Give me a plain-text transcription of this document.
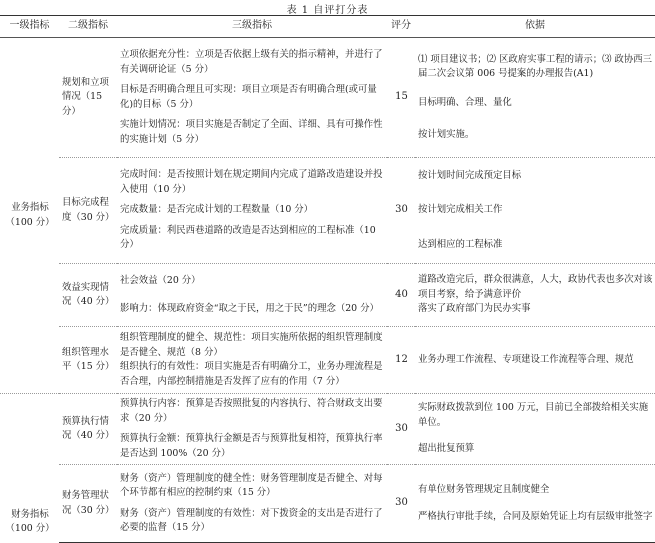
表 1 自评打分表
一级指标	二级指标	三级指标	评分	依据
业务指标（100 分）	规划和立项情况（15 分）	立项依据充分性：立项是否依据上级有关的指示精神，并进行了有关调研论证（5 分）
目标是否明确合理且可实现：项目立项是否有明确合理(或可量化)的目标（5 分）
实施计划情况：项目实施是否制定了全面、详细、具有可操作性的实施计划（5 分）	15	⑴ 项目建议书；⑵ 区政府实事工程的请示；⑶ 政协西三届二次会议第 006 号提案的办理报告(A1)
目标明确、合理、量化
按计划实施。

	目标完成程度（30 分）	完成时间：是否按照计划在规定期间内完成了道路改造建设并投入使用（10 分）
完成数量：是否完成计划的工程数量（10 分）
完成质量：利民西巷道路的改造是否达到相应的工程标准（10 分）	30	按计划时间完成预定目标
按计划完成相关工作
达到相应的工程标准

	效益实现情况（40 分）	社会效益（20 分）
影响力：体现政府资金“取之于民，用之于民”的理念（20 分）	40	道路改造完后，群众很满意，人大，政协代表也多次对该项目考察，给予满意评价
落实了政府部门为民办实事

	组织管理水平（15 分）	组织管理制度的健全、规范性：项目实施所依据的组织管理制度是否健全、规范（8 分）
组织执行的有效性：项目实施是否有明确分工，业务办理流程是否合理，内部控制措施是否发挥了应有的作用（7 分）	12	业务办理工作流程、专项建设工作流程等合理、规范

财务指标（100 分）	预算执行情况（40 分）	预算执行内容：预算是否按照批复的内容执行、符合财政支出要求（20 分）
预算执行金额：预算执行金额是否与预算批复相符，预算执行率是否达到 100%（20 分）	30	实际财政拨款到位 100 万元，目前已全部拨给相关实施单位。
超出批复预算

	财务管理状况（30 分）	财务（资产）管理制度的健全性：财务管理制度是否健全、对每个环节都有相应的控制约束（15 分）
财务（资产）管理制度的有效性：对下拨资金的支出是否进行了必要的监督（15 分）	30	有单位财务管理规定且制度健全
严格执行审批手续，合同及原始凭证上均有层级审批签字
